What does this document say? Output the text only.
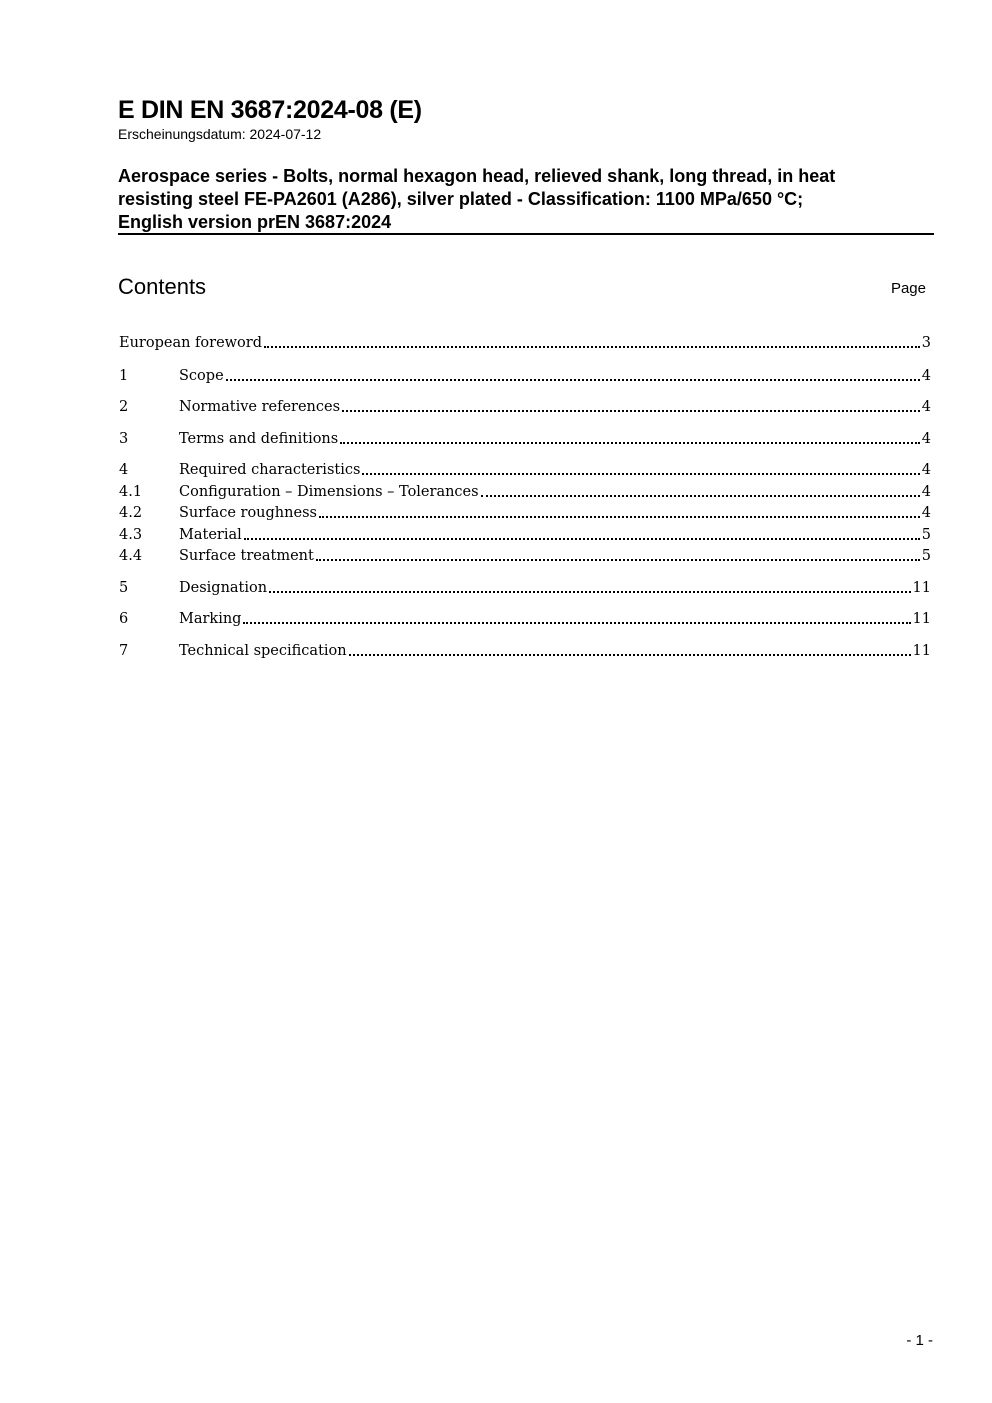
E DIN EN 3687:2024-08 (E)
Erscheinungsdatum: 2024-07-12
Aerospace series - Bolts, normal hexagon head, relieved shank, long thread, in heat
resisting steel FE-PA2601 (A286), silver plated - Classification: 1100 MPa/650 °C;
English version prEN 3687:2024
Contents	Page
European foreword	3
1	Scope	4
2	Normative references	4
3	Terms and definitions	4
4	Required characteristics	4
4.1	Configuration – Dimensions – Tolerances	4
4.2	Surface roughness	4
4.3	Material	5
4.4	Surface treatment	5
5	Designation	11
6	Marking	11
7	Technical specification	11
- 1 -
